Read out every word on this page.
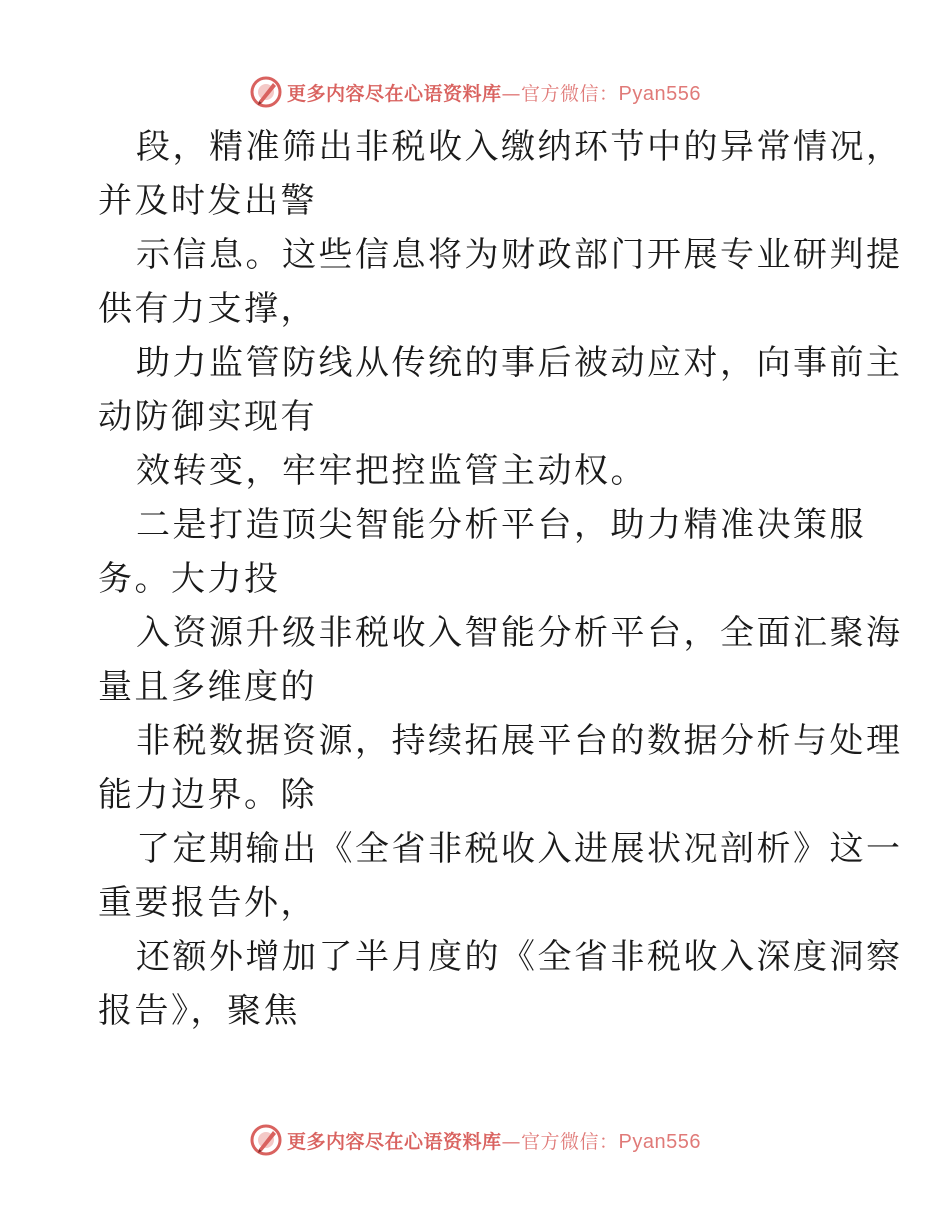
更多内容尽在心语资料库—官方微信：Pyan556
段，精准筛出非税收入缴纳环节中的异常情况，
并及时发出警
示信息。这些信息将为财政部门开展专业研判提
供有力支撑，
助力监管防线从传统的事后被动应对，向事前主
动防御实现有
效转变，牢牢把控监管主动权。
二是打造顶尖智能分析平台，助力精准决策服
务。大力投
入资源升级非税收入智能分析平台，全面汇聚海
量且多维度的
非税数据资源，持续拓展平台的数据分析与处理
能力边界。除
了定期输出《全省非税收入进展状况剖析》这一
重要报告外，
还额外增加了半月度的《全省非税收入深度洞察
报告》，聚焦
更多内容尽在心语资料库—官方微信：Pyan556
